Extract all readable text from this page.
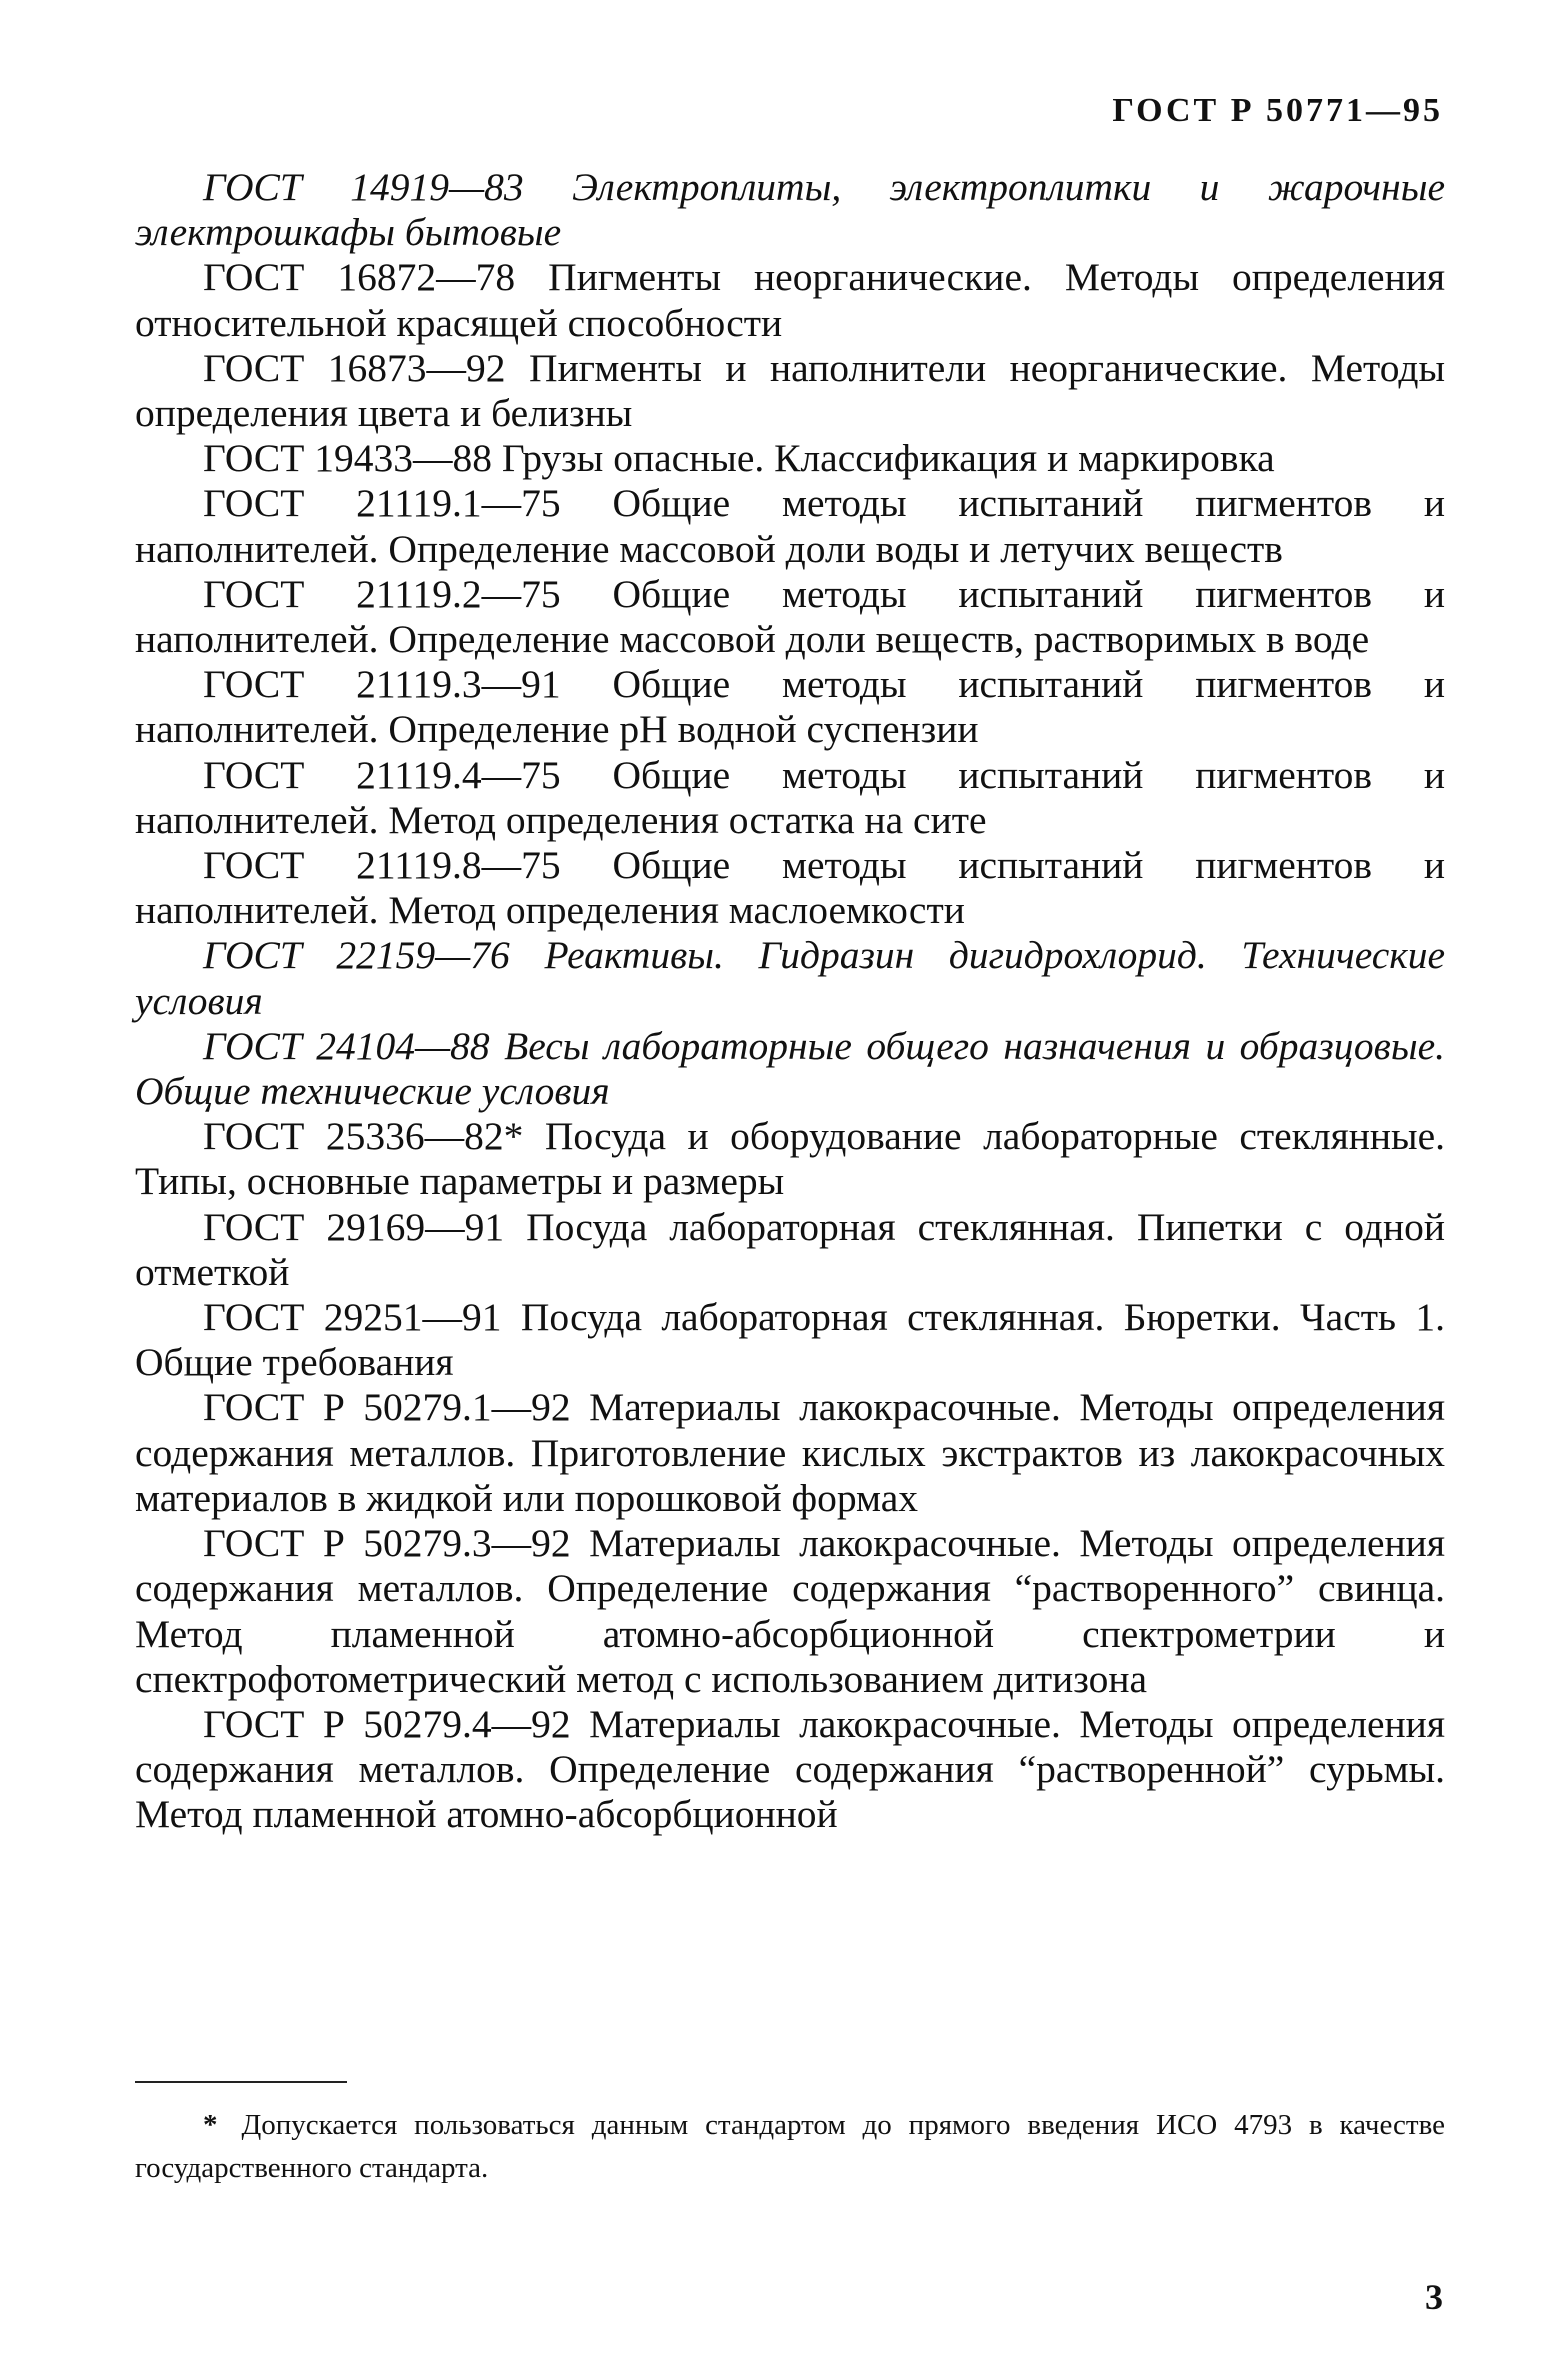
ГОСТ Р 50771—95

ГОСТ 14919—83 Электроплиты, электроплитки и жарочные электрошкафы бытовые

ГОСТ 16872—78 Пигменты неорганические. Методы определения относительной красящей способности

ГОСТ 16873—92 Пигменты и наполнители неорганические. Методы определения цвета и белизны

ГОСТ 19433—88 Грузы опасные. Классификация и маркировка

ГОСТ 21119.1—75 Общие методы испытаний пигментов и наполнителей. Определение массовой доли воды и летучих веществ

ГОСТ 21119.2—75 Общие методы испытаний пигментов и наполнителей. Определение массовой доли веществ, растворимых в воде

ГОСТ 21119.3—91 Общие методы испытаний пигментов и наполнителей. Определение pH водной суспензии

ГОСТ 21119.4—75 Общие методы испытаний пигментов и наполнителей. Метод определения остатка на сите

ГОСТ 21119.8—75 Общие методы испытаний пигментов и наполнителей. Метод определения маслоемкости

ГОСТ 22159—76 Реактивы. Гидразин дигидрохлорид. Технические условия

ГОСТ 24104—88 Весы лабораторные общего назначения и образцовые. Общие технические условия

ГОСТ 25336—82* Посуда и оборудование лабораторные стеклянные. Типы, основные параметры и размеры

ГОСТ 29169—91 Посуда лабораторная стеклянная. Пипетки с одной отметкой

ГОСТ 29251—91 Посуда лабораторная стеклянная. Бюретки. Часть 1. Общие требования

ГОСТ Р 50279.1—92 Материалы лакокрасочные. Методы определения содержания металлов. Приготовление кислых экстрактов из лакокрасочных материалов в жидкой или порошковой формах

ГОСТ Р 50279.3—92 Материалы лакокрасочные. Методы определения содержания металлов. Определение содержания “растворенного” свинца. Метод пламенной атомно-абсорбционной спектрометрии и спектрофотометрический метод с использованием дитизона

ГОСТ Р 50279.4—92 Материалы лакокрасочные. Методы определения содержания металлов. Определение содержания “растворенной” сурьмы. Метод пламенной атомно-абсорбционной

* Допускается пользоваться данным стандартом до прямого введения ИСО 4793 в качестве государственного стандарта.
3
